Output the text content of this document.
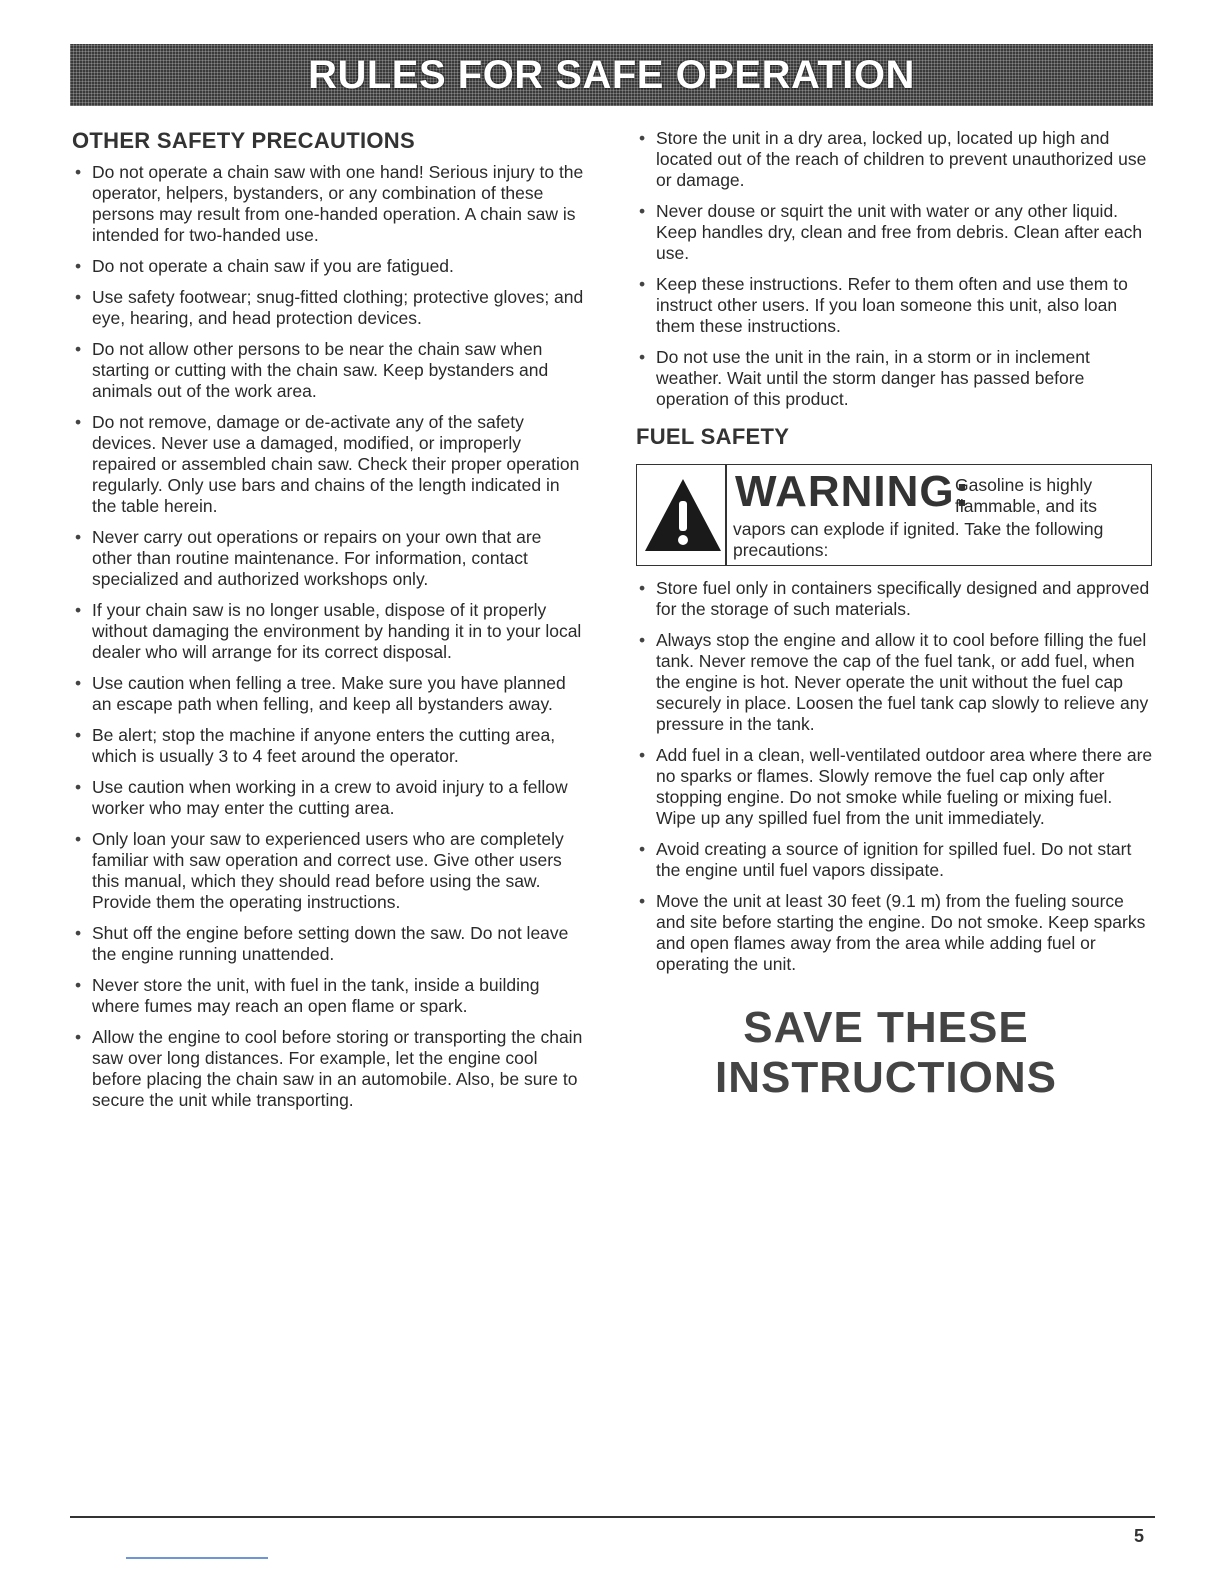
RULES FOR SAFE OPERATION
OTHER SAFETY PRECAUTIONS
• Do not operate a chain saw with one hand! Serious injury to the operator, helpers, bystanders, or any combination of these persons may result from one-handed operation. A chain saw is intended for two-handed use.
• Do not operate a chain saw if you are fatigued.
• Use safety footwear; snug-fitted clothing; protective gloves; and eye, hearing, and head protection devices.
• Do not allow other persons to be near the chain saw when starting or cutting with the chain saw. Keep bystanders and animals out of the work area.
• Do not remove, damage or de-activate any of the safety devices. Never use a damaged, modified, or improperly repaired or assembled chain saw. Check their proper operation regularly. Only use bars and chains of the length indicated in the table herein.
• Never carry out operations or repairs on your own that are other than routine maintenance. For information, contact specialized and authorized workshops only.
• If your chain saw is no longer usable, dispose of it properly without damaging the environment by handing it in to your local dealer who will arrange for its correct disposal.
• Use caution when felling a tree. Make sure you have planned an escape path when felling, and keep all bystanders away.
• Be alert; stop the machine if anyone enters the cutting area, which is usually 3 to 4 feet around the operator.
• Use caution when working in a crew to avoid injury to a fellow worker who may enter the cutting area.
• Only loan your saw to experienced users who are completely familiar with saw operation and correct use. Give other users this manual, which they should read before using the saw. Provide them the operating instructions.
• Shut off the engine before setting down the saw. Do not leave the engine running unattended.
• Never store the unit, with fuel in the tank, inside a building where fumes may reach an open flame or spark.
• Allow the engine to cool before storing or transporting the chain saw over long distances. For example, let the engine cool before placing the chain saw in an automobile. Also, be sure to secure the unit while transporting.
• Store the unit in a dry area, locked up, located up high and located out of the reach of children to prevent unauthorized use or damage.
• Never douse or squirt the unit with water or any other liquid. Keep handles dry, clean and free from debris. Clean after each use.
• Keep these instructions. Refer to them often and use them to instruct other users. If you loan someone this unit, also loan them these instructions.
• Do not use the unit in the rain, in a storm or in inclement weather. Wait until the storm danger has passed before operation of this product.
FUEL SAFETY
WARNING:
Gasoline is highly flammable, and its
vapors can explode if ignited. Take the following precautions:
• Store fuel only in containers specifically designed and approved for the storage of such materials.
• Always stop the engine and allow it to cool before filling the fuel tank. Never remove the cap of the fuel tank, or add fuel, when the engine is hot. Never operate the unit without the fuel cap securely in place. Loosen the fuel tank cap slowly to relieve any pressure in the tank.
• Add fuel in a clean, well-ventilated outdoor area where there are no sparks or flames. Slowly remove the fuel cap only after stopping engine. Do not smoke while fueling or mixing fuel. Wipe up any spilled fuel from the unit immediately.
• Avoid creating a source of ignition for spilled fuel. Do not start the engine until fuel vapors dissipate.
• Move the unit at least 30 feet (9.1 m) from the fueling source and site before starting the engine. Do not smoke. Keep sparks and open flames away from the area while adding fuel or operating the unit.
SAVE THESE
INSTRUCTIONS
5
